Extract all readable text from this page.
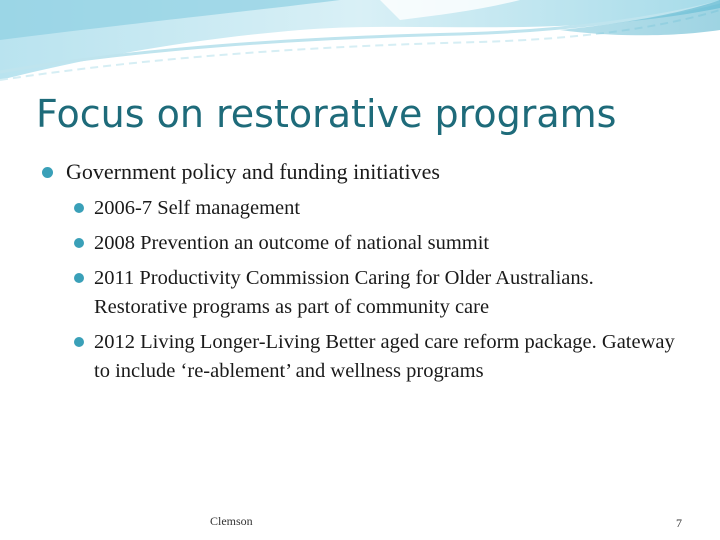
Focus on restorative programs
Government policy and funding initiatives
2006-7 Self management
2008 Prevention an outcome of national summit
2011 Productivity Commission Caring for Older Australians. Restorative programs as part of community care
2012 Living Longer-Living Better aged care reform package. Gateway to include ‘re-ablement’ and wellness programs
Clemson	7
